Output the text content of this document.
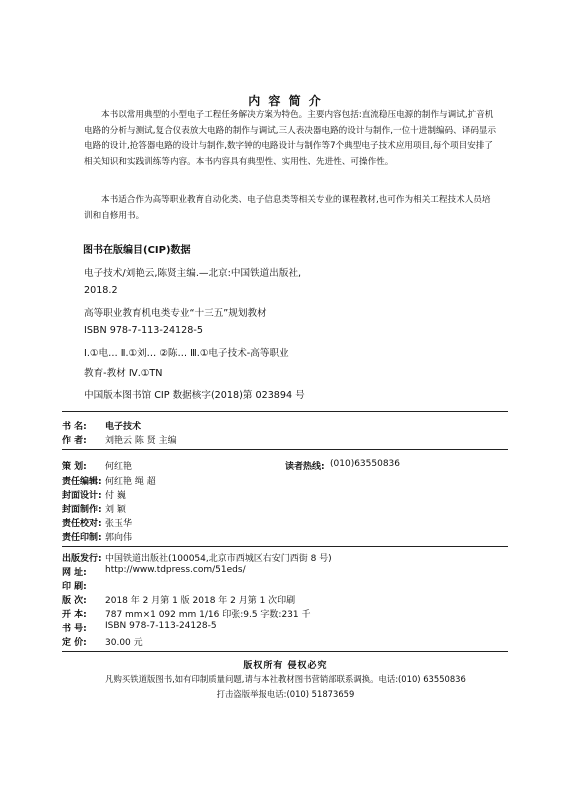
内 容 简 介
本书以常用典型的小型电子工程任务解决方案为特色。主要内容包括:直流稳压电源的制作与调试,扩音机电路的分析与测试,复合仪表放大电路的制作与调试,三人表决器电路的设计与制作,一位十进制编码、译码显示电路的设计,抢答器电路的设计与制作,数字钟的电路设计与制作等7个典型电子技术应用项目,每个项目安排了相关知识和实践训练等内容。本书内容具有典型性、实用性、先进性、可操作性。
本书适合作为高等职业教育自动化类、电子信息类等相关专业的课程教材,也可作为相关工程技术人员培训和自修用书。
图书在版编目(CIP)数据
电子技术/刘艳云,陈贤主编.—北京:中国铁道出版社,
2018.2
高等职业教育机电类专业“十三五”规划教材
ISBN 978-7-113-24128-5
Ⅰ.①电… Ⅱ.①刘… ②陈… Ⅲ.①电子技术-高等职业
教育-教材 Ⅳ.①TN
中国版本图书馆 CIP 数据核字(2018)第 023894 号
书 名: 电子技术
作 者: 刘艳云 陈 贤 主编
策 划: 何红艳	读者热线: (010)63550836
责任编辑: 何红艳 绳 超
封面设计: 付 巍
封面制作: 刘 颖
责任校对: 张玉华
责任印制: 郭向伟
出版发行: 中国铁道出版社(100054,北京市西城区右安门西街 8 号)
网 址: http://www.tdpress.com/51eds/
印 刷:
版 次: 2018 年 2 月第 1 版 2018 年 2 月第 1 次印刷
开 本: 787 mm×1 092 mm 1/16 印张:9.5 字数:231 千
书 号: ISBN 978-7-113-24128-5
定 价: 30.00 元
版权所有 侵权必究
凡购买铁道版图书,如有印制质量问题,请与本社教材图书营销部联系调换。电话:(010) 63550836
打击盗版举报电话:(010) 51873659
